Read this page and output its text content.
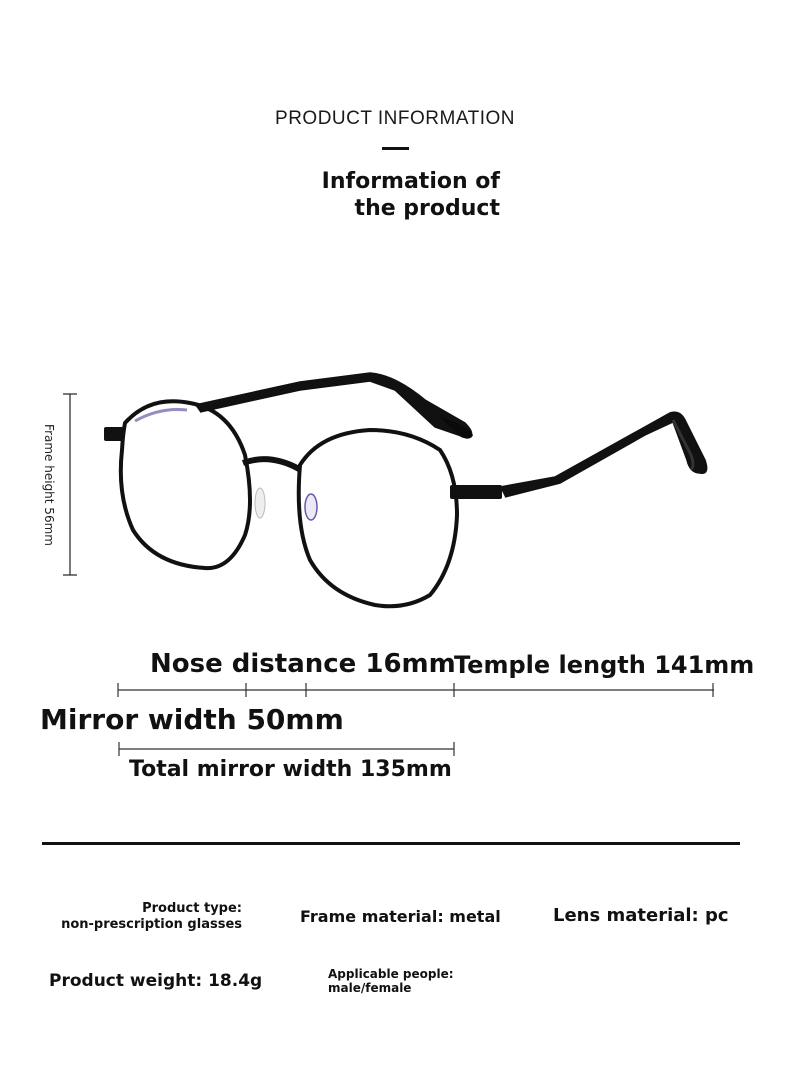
PRODUCT INFORMATION
Information of
the product
Frame height 56mm
Nose distance 16mm
Temple length 141mm
Mirror width 50mm
Total mirror width 135mm
Product type:
non-prescription glasses	Frame material: metal	Lens material: pc
Product weight: 18.4g	Applicable people:
male/female
